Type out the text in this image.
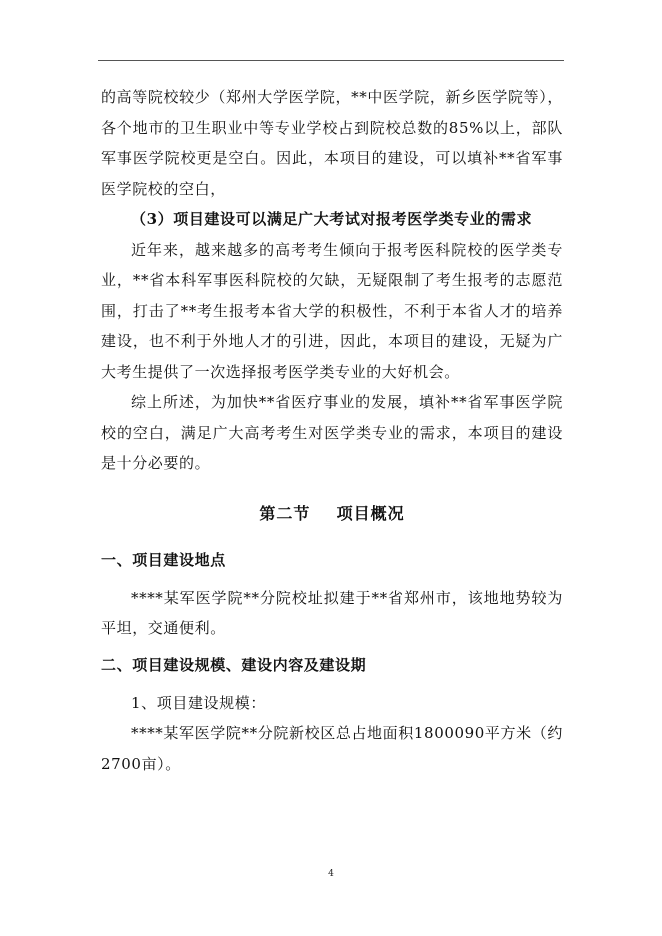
的高等院校较少（郑州大学医学院，**中医学院，新乡医学院等），各个地市的卫生职业中等专业学校占到院校总数的85%以上，部队军事医学院校更是空白。因此，本项目的建设，可以填补**省军事医学院校的空白，

（3）项目建设可以满足广大考试对报考医学类专业的需求

近年来，越来越多的高考考生倾向于报考医科院校的医学类专业，**省本科军事医科院校的欠缺，无疑限制了考生报考的志愿范围，打击了**考生报考本省大学的积极性，不利于本省人才的培养建设，也不利于外地人才的引进，因此，本项目的建设，无疑为广大考生提供了一次选择报考医学类专业的大好机会。

综上所述，为加快**省医疗事业的发展，填补**省军事医学院校的空白，满足广大高考考生对医学类专业的需求，本项目的建设是十分必要的。

第二节    项目概况
一、项目建设地点

****某军医学院**分院校址拟建于**省郑州市，该地地势较为平坦，交通便利。

二、项目建设规模、建设内容及建设期

1、项目建设规模：

****某军医学院**分院新校区总占地面积1800090平方米（约2700亩）。

4
